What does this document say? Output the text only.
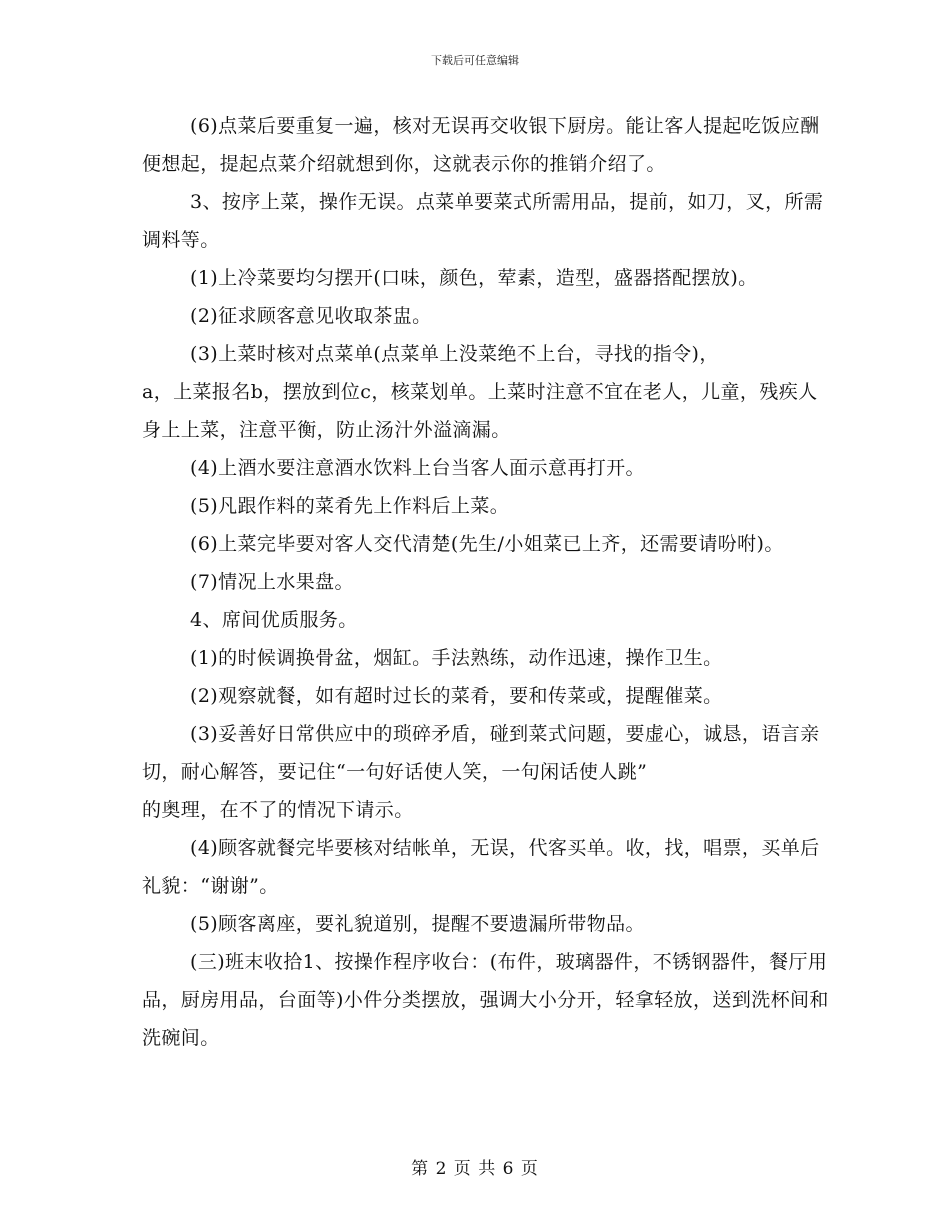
下载后可任意编辑

(6)点菜后要重复一遍，核对无误再交收银下厨房。能让客人提起吃饭应酬便想起，提起点菜介绍就想到你，这就表示你的推销介绍了。

3、按序上菜，操作无误。点菜单要菜式所需用品，提前，如刀，叉，所需调料等。

(1)上冷菜要均匀摆开(口味，颜色，荤素，造型，盛器搭配摆放)。

(2)征求顾客意见收取茶盅。

(3)上菜时核对点菜单(点菜单上没菜绝不上台，寻找的指令)，

a，上菜报名b，摆放到位c，核菜划单。上菜时注意不宜在老人，儿童，残疾人身上上菜，注意平衡，防止汤汁外溢滴漏。

(4)上酒水要注意酒水饮料上台当客人面示意再打开。

(5)凡跟作料的菜肴先上作料后上菜。

(6)上菜完毕要对客人交代清楚(先生/小姐菜已上齐，还需要请吩咐)。

(7)情况上水果盘。

4、席间优质服务。

(1)的时候调换骨盆，烟缸。手法熟练，动作迅速，操作卫生。

(2)观察就餐，如有超时过长的菜肴，要和传菜或，提醒催菜。

(3)妥善好日常供应中的琐碎矛盾，碰到菜式问题，要虚心，诚恳，语言亲切，耐心解答，要记住“一句好话使人笑，一句闲话使人跳”

的奥理，在不了的情况下请示。

(4)顾客就餐完毕要核对结帐单，无误，代客买单。收，找，唱票，买单后礼貌：“谢谢”。

(5)顾客离座，要礼貌道别，提醒不要遗漏所带物品。

(三)班末收拾1、按操作程序收台：(布件，玻璃器件，不锈钢器件，餐厅用品，厨房用品，台面等)小件分类摆放，强调大小分开，轻拿轻放，送到洗杯间和洗碗间。

第 2 页 共 6 页
